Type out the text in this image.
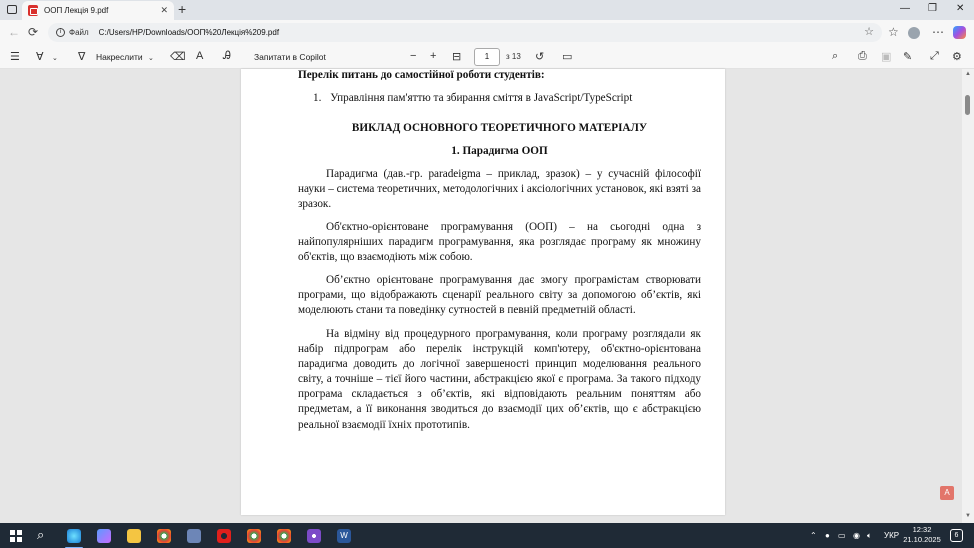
ООП Лекція 9.pdf	✕ +	— ❐ ✕
← ⟳	i Файл C:/Users/HP/Downloads/ООП%20Лекція%209.pdf	☆ ☆	⋯
☰ ∀ ⌄ ∇ Накреслити ⌄ ⌫ A Ꭿ	Запитати в Copilot	− + ⊟	1	з 13 ↺ ▭	⌕ ⎙ ▣ ✎ ⤢ ⚙
Перелік питань до самостійної роботи студентів:
1. Управління пам'яттю та збирання сміття в JavaScript/TypeScript
ВИКЛАД ОСНОВНОГО ТЕОРЕТИЧНОГО МАТЕРІАЛУ
1. Парадигма ООП

Парадигма (дав.-гр. paradeigma – приклад, зразок) – у сучасній філософії науки – система теоретичних, методологічних і аксіологічних установок, які взяті за зразок.

Об'єктно-орієнтоване програмування (ООП) – на сьогодні одна з найпопулярніших парадигм програмування, яка розглядає програму як множину об'єктів, що взаємодіють між собою.

Об’єктно орієнтоване програмування дає змогу програмістам створювати програми, що відображають сценарії реального світу за допомогою об’єктів, які моделюють стани та поведінку сутностей в певній предметній області.

На відміну від процедурного програмування, коли програму розглядали як набір підпрограм або перелік інструкцій комп'ютеру, об'єктно-орієнтована парадигма доводить до логічної завершеності принцип моделювання реального світу, а точніше – тієї його частини, абстракцією якої є програма. За такого підходу програма складається з об’єктів, які відповідають реальним поняттям або предметам, а її виконання зводиться до взаємодії цих об’єктів, що є абстракцією реальної взаємодії їхніх прототипів.

▲
▼
A
⌕	W	⌃ ● ▭ ◉ 🔈︎ УКР
12:32
21.10.2025	6
